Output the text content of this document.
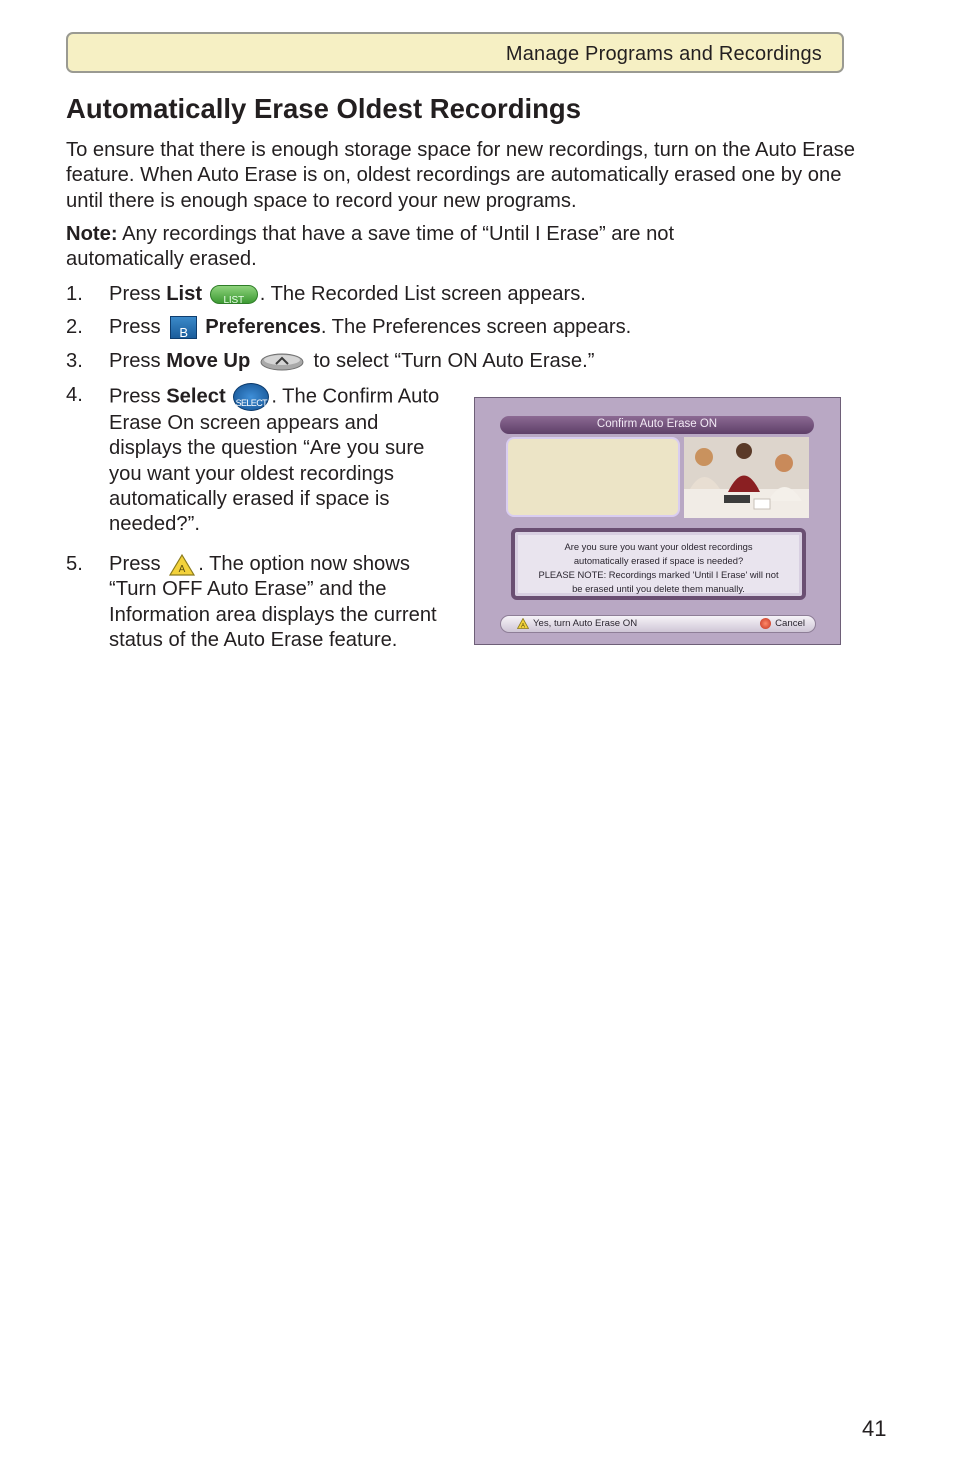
Manage Programs and Recordings
Automatically Erase Oldest Recordings

To ensure that there is enough storage space for new recordings, turn on the Auto Erase feature. When Auto Erase is on, oldest recordings are automatically erased one by one until there is enough space to record your new programs.

Note: Any recordings that have a save time of “Until I Erase” are not automatically erased.

1. Press List	LIST . The Recorded List screen appears.
2. Press	B Preferences. The Preferences screen appears.
3. Press Move Up	to select “Turn ON Auto Erase.”
4. Press Select SELECT . The Confirm Auto Erase On screen appears and displays the question “Are you sure you want your oldest recordings automatically erased if space is needed?”.
5. Press A . The option now shows “Turn OFF Auto Erase” and the Information area displays the current status of the Auto Erase feature.
Confirm Auto Erase ON
Are you sure you want your oldest recordings
automatically erased if space is needed?
PLEASE NOTE: Recordings marked 'Until I Erase' will not
be erased until you delete them manually.
A Yes, turn Auto Erase ON	Cancel
41
